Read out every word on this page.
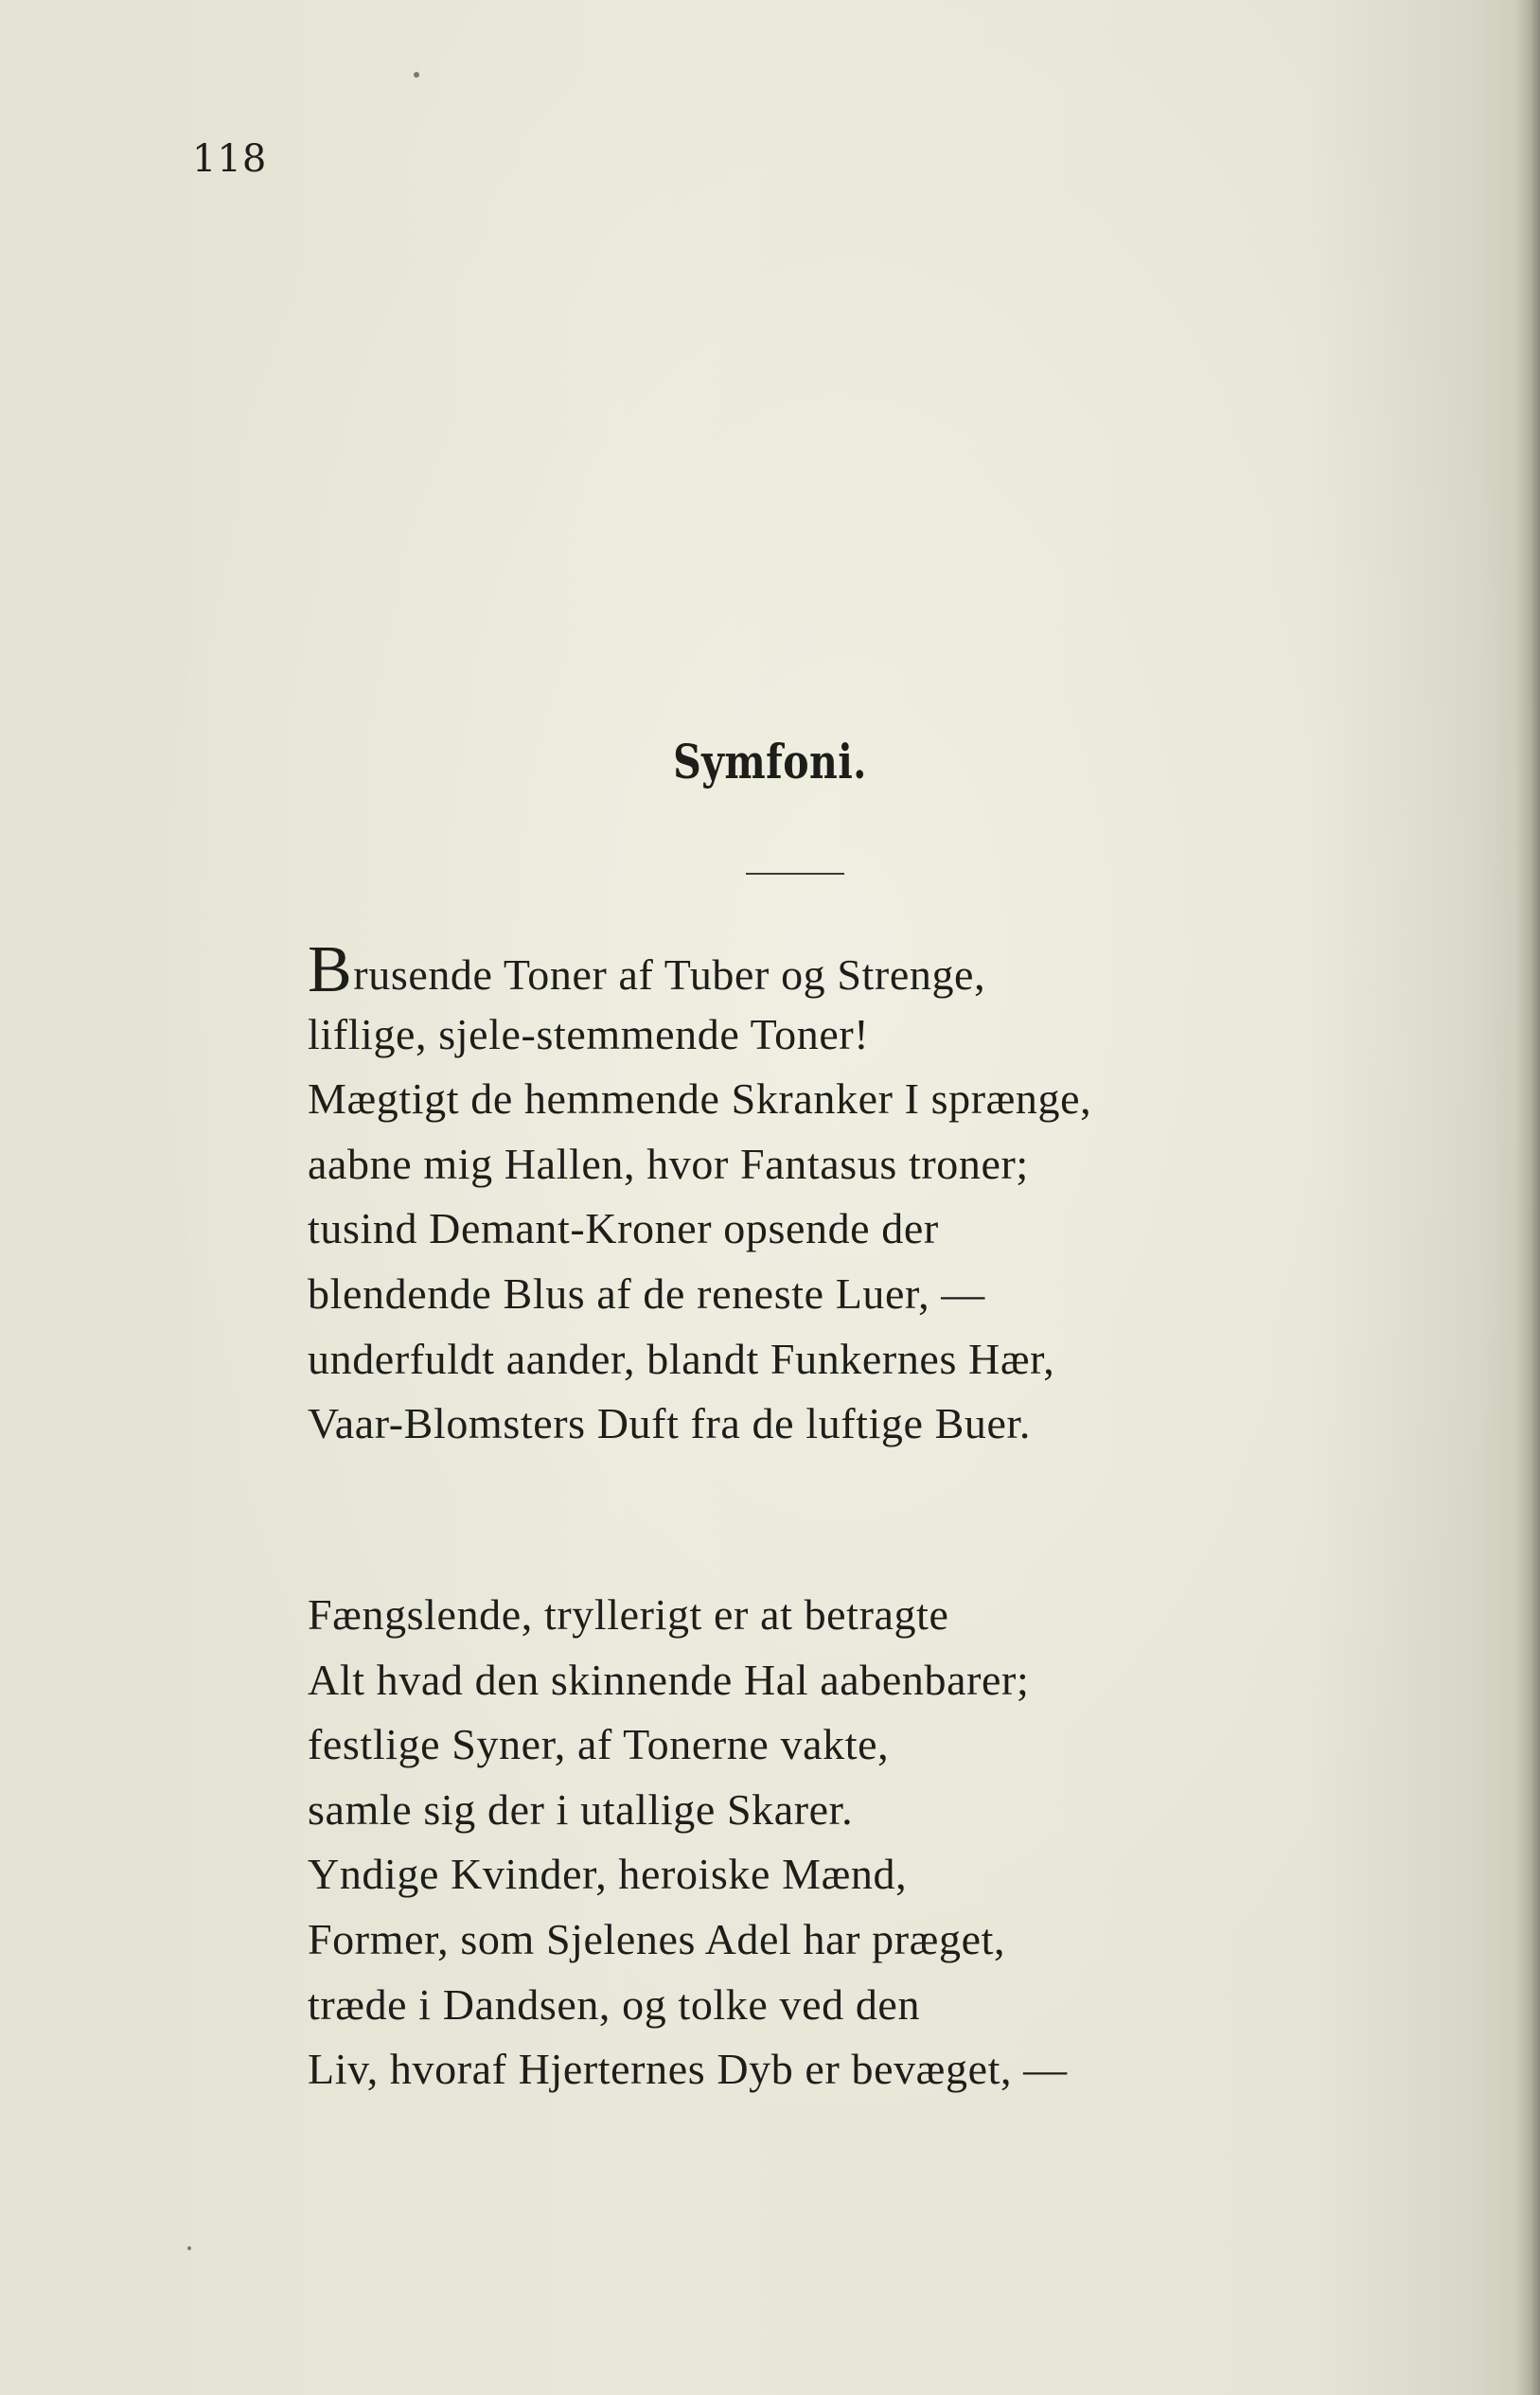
118
Symfoni.
Brusende Toner af Tuber og Strenge,
liflige, sjele-stemmende Toner!
Mægtigt de hemmende Skranker I sprænge,
aabne mig Hallen, hvor Fantasus troner;
tusind Demant-Kroner opsende der
blendende Blus af de reneste Luer, —
underfuldt aander, blandt Funkernes Hær,
Vaar-Blomsters Duft fra de luftige Buer.
Fængslende, tryllerigt er at betragte
Alt hvad den skinnende Hal aabenbarer;
festlige Syner, af Tonerne vakte,
samle sig der i utallige Skarer.
Yndige Kvinder, heroiske Mænd,
Former, som Sjelenes Adel har præget,
træde i Dandsen, og tolke ved den
Liv, hvoraf Hjerternes Dyb er bevæget, —
